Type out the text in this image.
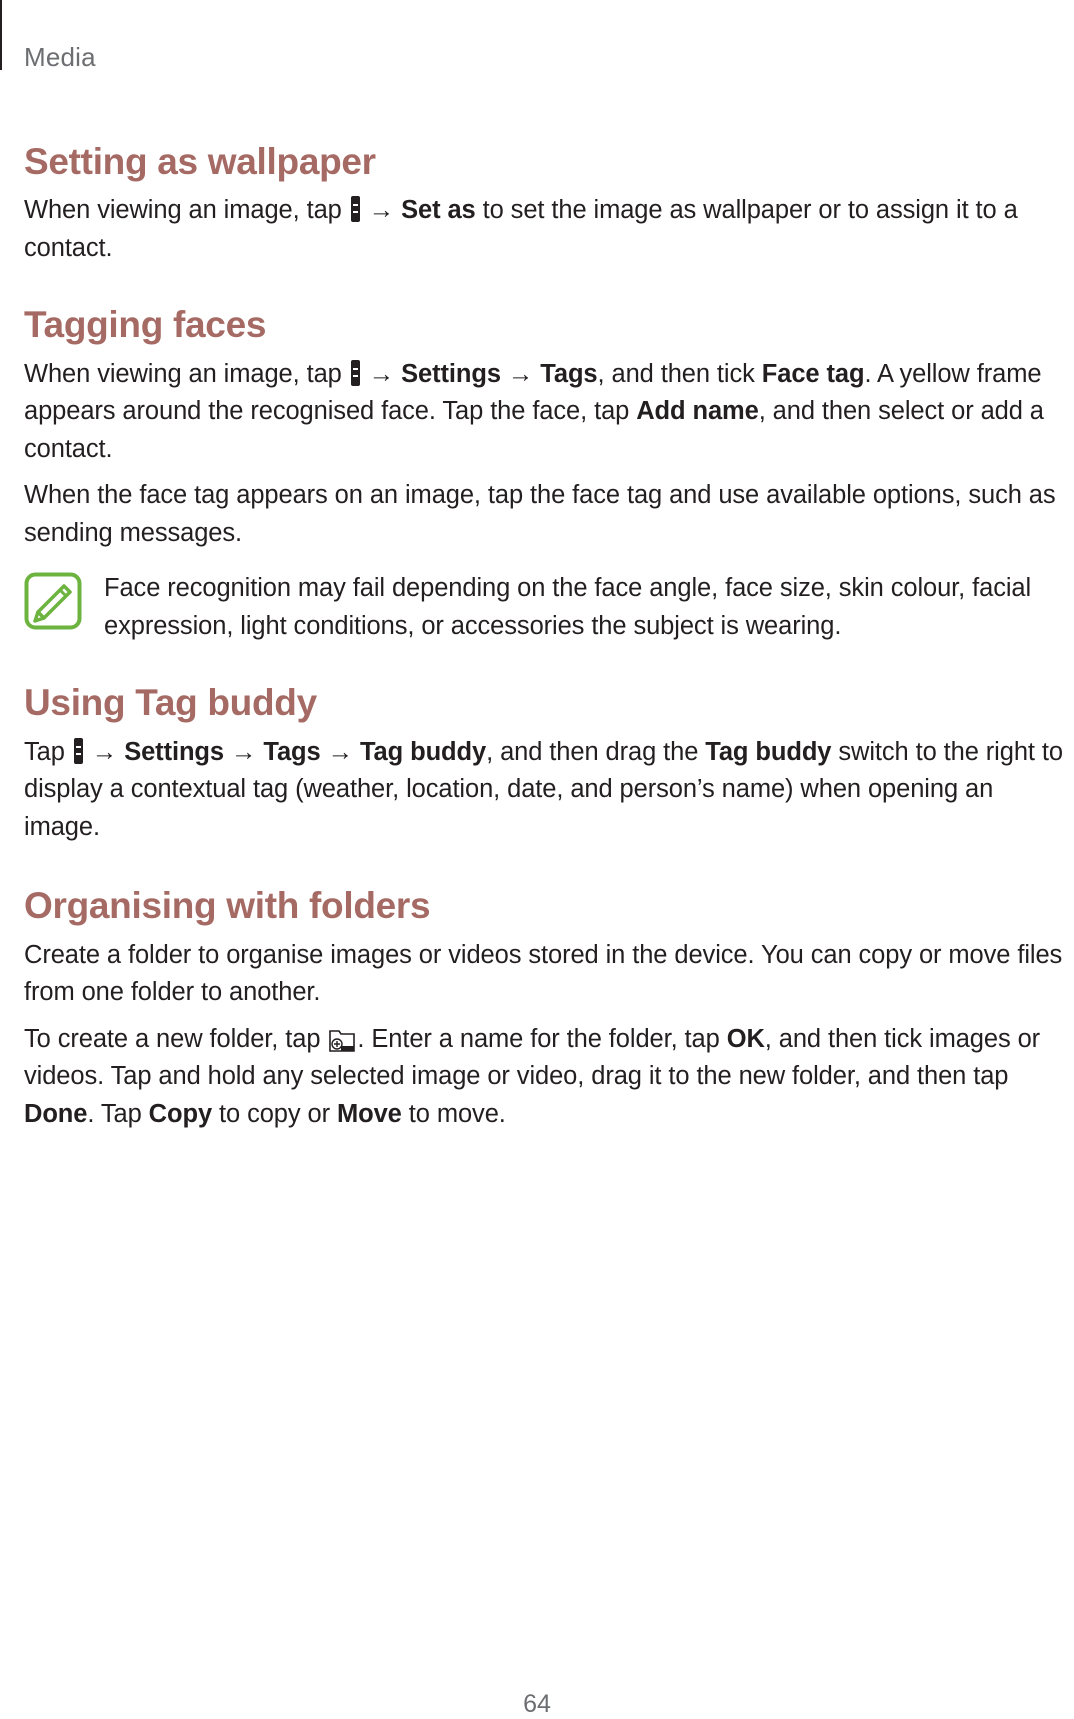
Media
Setting as wallpaper

When viewing an image, tap  → Set as to set the image as wallpaper or to assign it to a contact.

Tagging faces

When viewing an image, tap  → Settings → Tags, and then tick Face tag. A yellow frame appears around the recognised face. Tap the face, tap Add name, and then select or add a contact.

When the face tag appears on an image, tap the face tag and use available options, such as sending messages.

Face recognition may fail depending on the face angle, face size, skin colour, facial expression, light conditions, or accessories the subject is wearing.

Using Tag buddy

Tap  → Settings → Tags → Tag buddy, and then drag the Tag buddy switch to the right to display a contextual tag (weather, location, date, and person’s name) when opening an image.

Organising with folders

Create a folder to organise images or videos stored in the device. You can copy or move files from one folder to another.

To create a new folder, tap . Enter a name for the folder, tap OK, and then tick images or videos. Tap and hold any selected image or video, drag it to the new folder, and then tap Done. Tap Copy to copy or Move to move.

64
